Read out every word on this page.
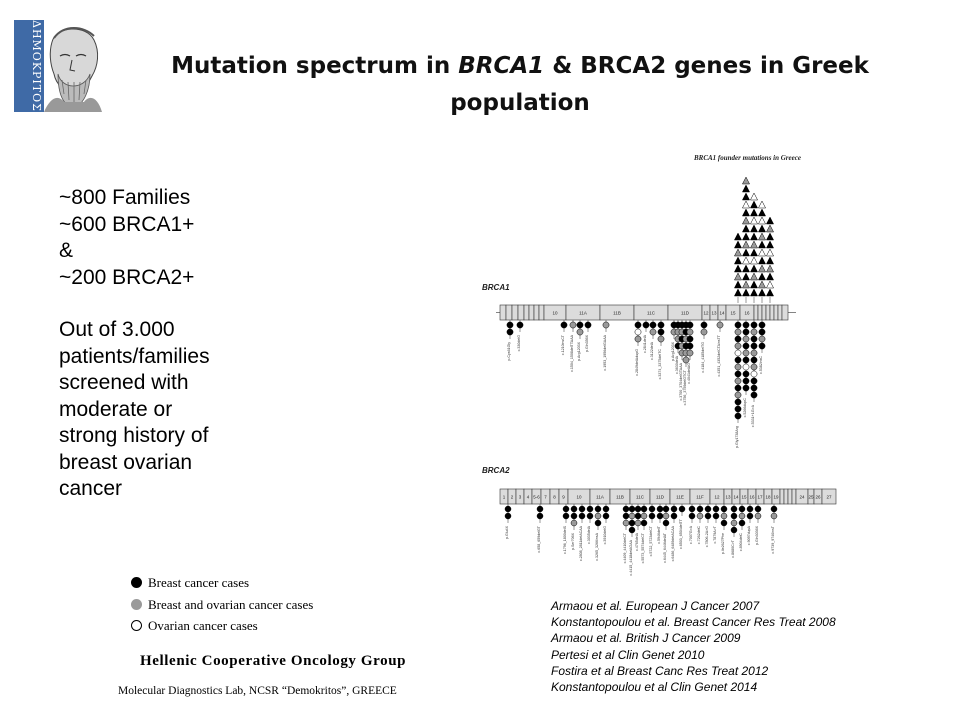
ΔΗΜΟΚΡΙΤΟΣ	Mutation spectrum in BRCA1 & BRCA2 genes in Greek population
~800 Families
~600 BRCA1+
&
~200 BRCA2+
Out of 3.000
patients/families
screened with
moderate or
strong history of
breast ovarian
cancer
Breast cancer cases
Breast and ovarian cancer cases
Ovarian cancer cases
Hellenic Cooperative Oncology Group
Molecular Diagnostics Lab, NCSR “Demokritos”, GREECE
Armaou et al. European J Cancer 2007
Konstantopoulou et al. Breast Cancer Res Treat 2008
Armaou et al. British J Cancer 2009
Pertesi et al Clin Genet 2010
Fostira et al Breast Canc Res Treat 2012
Konstantopoulou et al Clin Genet 2014
BRCA1 founder mutations in Greece
BRCA1
BRCA2
10	11A	11B	11C	11D	12 13 14 15 16
p.Cys61Gly c.330delG	c.1210insCT c.1504_1508delTTAAA p.Arg1203X p.Gln356X	c.1953_1956delGAAA	c.2849delAdupG
c.2841delA c.3122delA c.3374_3375delTC	p.Arg1203X
c.3630delA c.3700_3704delGTAAA c.3756_3759delGTCT c.4041delAG
c.4184_4185delTG	c.4351_4352delCTAinsTT
p.Gly1738Arg
c.5266dupC c.5331+1G>A
c.5382insC
1 2 3 4 5-6 7 8 9	10	11A	11B	11C	11D	11E	11F 12 13 14 15 16 17 18 19	24 25 26 27
p.Glu4X	c.658_659delGT	c.1796_1800delS p.Ser706X c.2808_2811delACAA c.3035delA c.3265_3266insA c.3910delG	c.4409_4410delCT c.4415_4418delAGAA c.4765delA c.5573_5574delCT c.5722_5723delCT c.5946delT c.6445_6446delAT c.6486_6489delACAA c.6503_6504delTT c.7007G>A c.7262delC c.7806-2A>G c.7879A>T p.Ile2627Phe c.8680C>T c.8904delC c.9097dupA p.Gln3036X	c.9739_9740insT
